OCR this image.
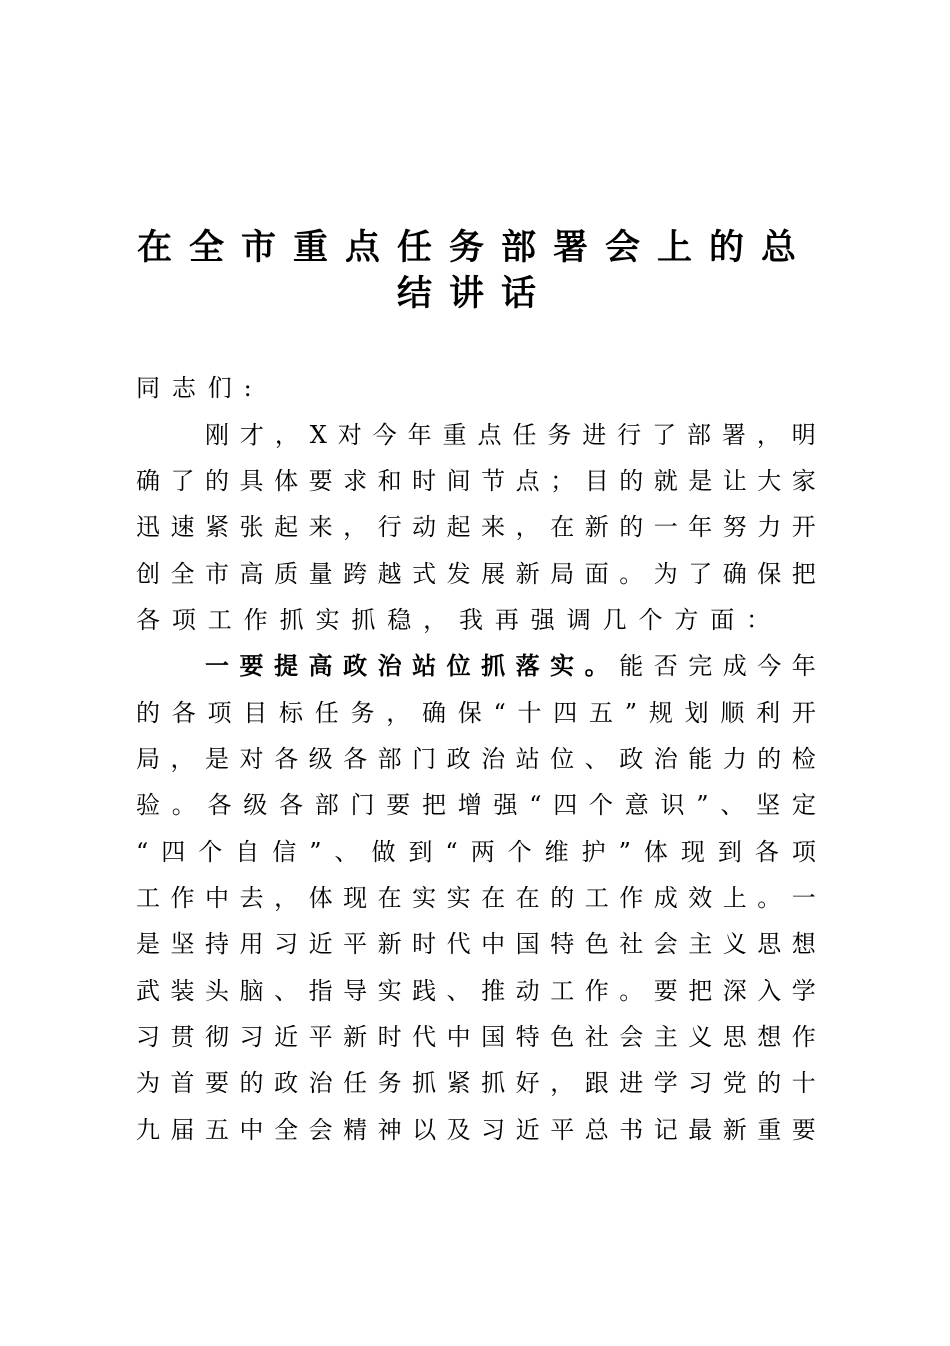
在全市重点任务部署会上的总
结讲话
同 志 们 :
刚 才 ， X 对 今 年 重 点 任 务 进 行 了 部 署 ， 明
确 了 的 具 体 要 求 和 时 间 节 点 ； 目 的 就 是 让 大 家
迅 速 紧 张 起 来 ， 行 动 起 来 ， 在 新 的 一 年 努 力 开
创 全 市 高 质 量 跨 越 式 发 展 新 局 面 。 为 了 确 保 把
各 项 工 作 抓 实 抓 稳 ， 我 再 强 调 几 个 方 面 ：
一 要 提 高 政 治 站 位 抓 落 实 。 能 否 完 成 今 年
的 各 项 目 标 任 务 ， 确 保 “ 十 四 五 ” 规 划 顺 利 开
局 ， 是 对 各 级 各 部 门 政 治 站 位 、 政 治 能 力 的 检
验 。 各 级 各 部 门 要 把 增 强 “ 四 个 意 识 ” 、 坚 定
“ 四 个 自 信 ” 、 做 到 “ 两 个 维 护 ” 体 现 到 各 项
工 作 中 去 ， 体 现 在 实 实 在 在 的 工 作 成 效 上 。 一
是 坚 持 用 习 近 平 新 时 代 中 国 特 色 社 会 主 义 思 想
武 装 头 脑 、 指 导 实 践 、 推 动 工 作 。 要 把 深 入 学
习 贯 彻 习 近 平 新 时 代 中 国 特 色 社 会 主 义 思 想 作
为 首 要 的 政 治 任 务 抓 紧 抓 好 ， 跟 进 学 习 党 的 十
九 届 五 中 全 会 精 神 以 及 习 近 平 总 书 记 最 新 重 要
